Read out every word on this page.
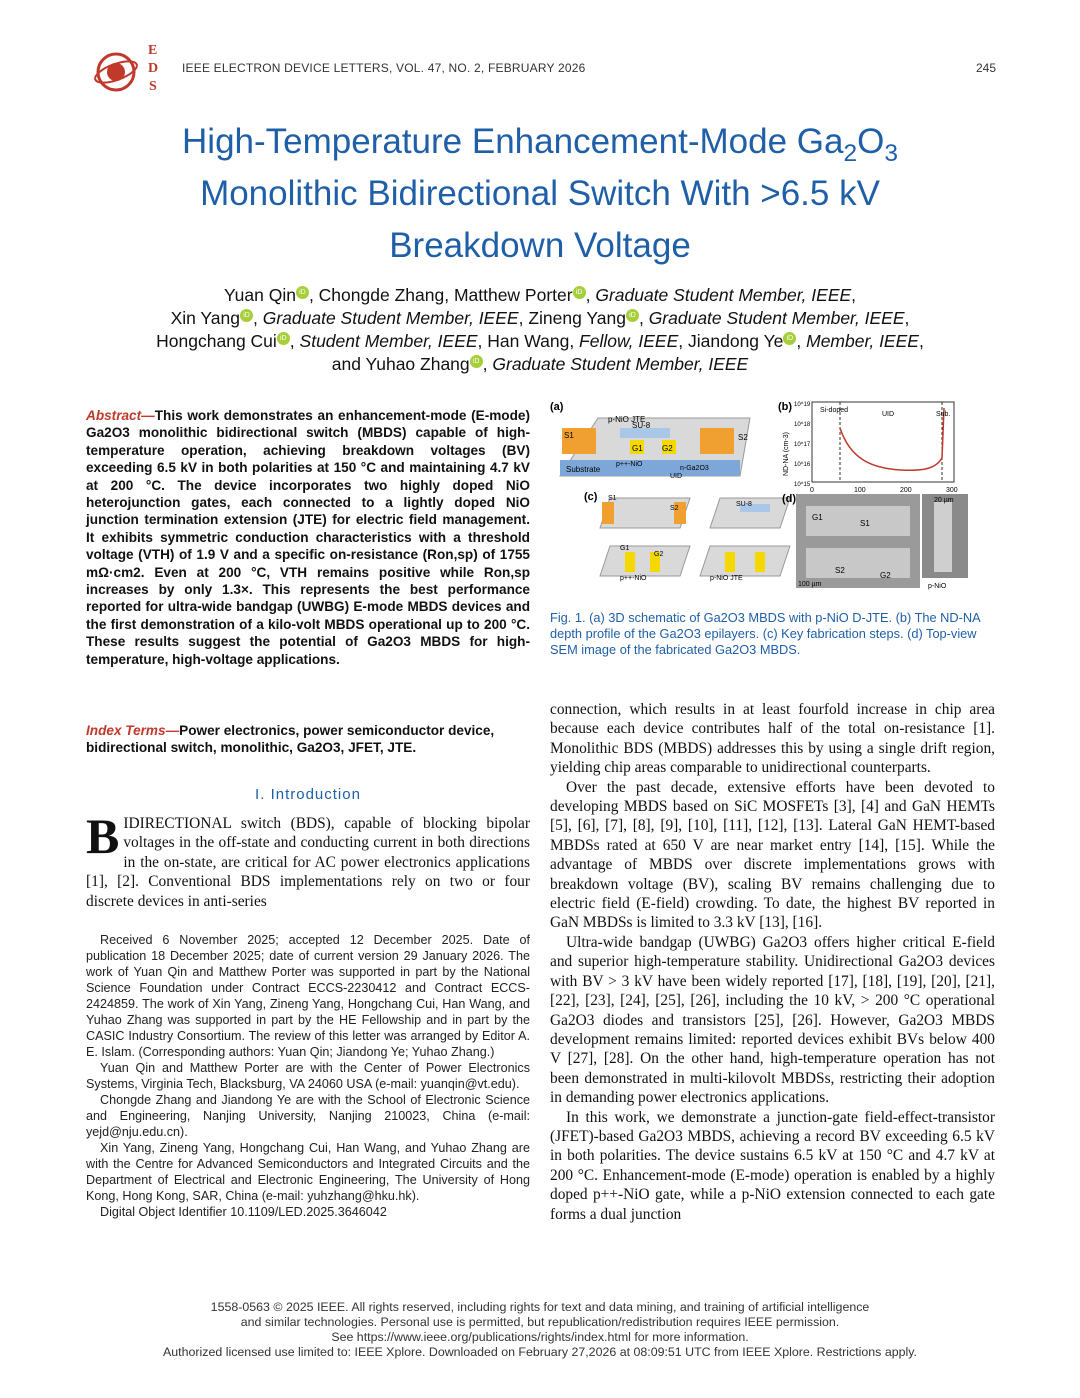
E
D
S
IEEE ELECTRON DEVICE LETTERS, VOL. 47, NO. 2, FEBRUARY 2026	245
High-Temperature Enhancement-Mode $Ga_2O_3$
Monolithic Bidirectional Switch With >6.5 kV
Breakdown Voltage
Yuan Qin iD , Chongde Zhang, Matthew Porter iD , Graduate Student Member, IEEE,
Xin Yang iD , Graduate Student Member, IEEE, Zineng Yang iD , Graduate Student Member, IEEE,
Hongchang Cui iD , Student Member, IEEE, Han Wang, Fellow, IEEE, Jiandong Ye iD , Member, IEEE,
and Yuhao Zhang iD , Graduate Student Member, IEEE
Abstract—This work demonstrates an enhancement-mode (E-mode) Ga2O3 monolithic bidirectional switch (MBDS) capable of high-temperature operation, achieving breakdown voltages (BV) exceeding 6.5 kV in both polarities at 150 °C and maintaining 4.7 kV at 200 °C. The device incorporates two highly doped NiO heterojunction gates, each connected to a lightly doped NiO junction termination extension (JTE) for electric field management. It exhibits symmetric conduction characteristics with a threshold voltage (VTH) of 1.9 V and a specific on-resistance (Ron,sp) of 1755 mΩ·cm2. Even at 200 °C, VTH remains positive while Ron,sp increases by only 1.3×. This represents the best performance reported for ultra-wide bandgap (UWBG) E-mode MBDS devices and the first demonstration of a kilo-volt MBDS operational up to 200 °C. These results suggest the potential of Ga2O3 MBDS for high-temperature, high-voltage applications.
Index Terms—Power electronics, power semiconductor device, bidirectional switch, monolithic, Ga2O3, JFET, JTE.
I. Introduction
BIDIRECTIONAL switch (BDS), capable of blocking bipolar voltages in the off-state and conducting current in both directions in the on-state, are critical for AC power electronics applications [1], [2]. Conventional BDS implementations rely on two or four discrete devices in anti-series

Received 6 November 2025; accepted 12 December 2025. Date of publication 18 December 2025; date of current version 29 January 2026. The work of Yuan Qin and Matthew Porter was supported in part by the National Science Foundation under Contract ECCS-2230412 and Contract ECCS-2424859. The work of Xin Yang, Zineng Yang, Hongchang Cui, Han Wang, and Yuhao Zhang was supported in part by the HE Fellowship and in part by the CASIC Industry Consortium. The review of this letter was arranged by Editor A. E. Islam. (Corresponding authors: Yuan Qin; Jiandong Ye; Yuhao Zhang.)

Yuan Qin and Matthew Porter are with the Center of Power Electronics Systems, Virginia Tech, Blacksburg, VA 24060 USA (e-mail: yuanqin@vt.edu).

Chongde Zhang and Jiandong Ye are with the School of Electronic Science and Engineering, Nanjing University, Nanjing 210023, China (e-mail: yejd@nju.edu.cn).

Xin Yang, Zineng Yang, Hongchang Cui, Han Wang, and Yuhao Zhang are with the Centre for Advanced Semiconductors and Integrated Circuits and the Department of Electrical and Electronic Engineering, The University of Hong Kong, Hong Kong, SAR, China (e-mail: yuhzhang@hku.hk).

Digital Object Identifier 10.1109/LED.2025.3646042

(a)
S1	S2
SU-8
p-NiO JTE
G1 G2
p++-NiO
n-Ga2O3
UID
Substrate
(b)	Si-doped
UID	Sub.
10^19
10^18
10^17
10^16
10^15
0	100	200	300
ND-NA (cm-3)
(c) S1
S2
SU-8
G1
G2
p++-NiO	p-NiO JTE
(d)
G1
S1
S2
G2
20 µm
100 µm	p-NiO
Fig. 1. (a) 3D schematic of Ga2O3 MBDS with p-NiO D-JTE. (b) The ND-NA depth profile of the Ga2O3 epilayers. (c) Key fabrication steps. (d) Top-view SEM image of the fabricated Ga2O3 MBDS.

connection, which results in at least fourfold increase in chip area because each device contributes half of the total on-resistance [1]. Monolithic BDS (MBDS) addresses this by using a single drift region, yielding chip areas comparable to unidirectional counterparts.

Over the past decade, extensive efforts have been devoted to developing MBDS based on SiC MOSFETs [3], [4] and GaN HEMTs [5], [6], [7], [8], [9], [10], [11], [12], [13]. Lateral GaN HEMT-based MBDSs rated at 650 V are near market entry [14], [15]. While the advantage of MBDS over discrete implementations grows with breakdown voltage (BV), scaling BV remains challenging due to electric field (E-field) crowding. To date, the highest BV reported in GaN MBDSs is limited to 3.3 kV [13], [16].

Ultra-wide bandgap (UWBG) Ga2O3 offers higher critical E-field and superior high-temperature stability. Unidirectional Ga2O3 devices with BV > 3 kV have been widely reported [17], [18], [19], [20], [21], [22], [23], [24], [25], [26], including the 10 kV, > 200 °C operational Ga2O3 diodes and transistors [25], [26]. However, Ga2O3 MBDS development remains limited: reported devices exhibit BVs below 400 V [27], [28]. On the other hand, high-temperature operation has not been demonstrated in multi-kilovolt MBDSs, restricting their adoption in demanding power electronics applications.

In this work, we demonstrate a junction-gate field-effect-transistor (JFET)-based Ga2O3 MBDS, achieving a record BV exceeding 6.5 kV in both polarities. The device sustains 6.5 kV at 150 °C and 4.7 kV at 200 °C. Enhancement-mode (E-mode) operation is enabled by a highly doped p++-NiO gate, while a p-NiO extension connected to each gate forms a dual junction

1558-0563 © 2025 IEEE. All rights reserved, including rights for text and data mining, and training of artificial intelligence
and similar technologies. Personal use is permitted, but republication/redistribution requires IEEE permission.
See https://www.ieee.org/publications/rights/index.html for more information.
Authorized licensed use limited to: IEEE Xplore. Downloaded on February 27,2026 at 08:09:51 UTC from IEEE Xplore. Restrictions apply.
